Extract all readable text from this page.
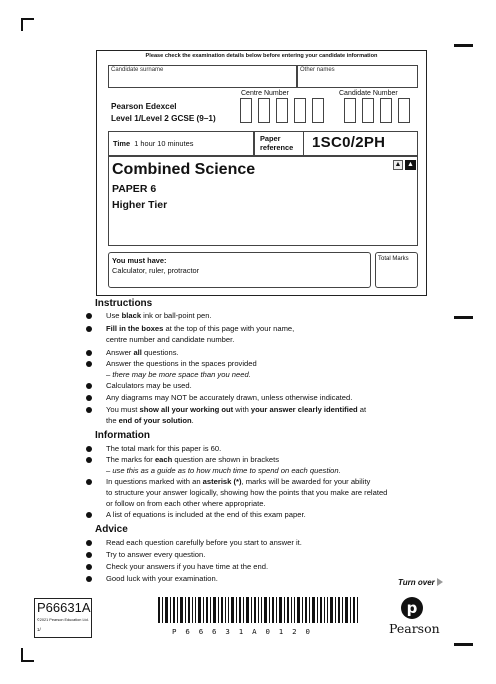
Please check the examination details below before entering your candidate information
Candidate surname	Other names
Pearson Edexcel
Level 1/Level 2 GCSE (9–1)
Centre Number	Candidate Number
Time 1 hour 10 minutes
Paper
reference 1SC0/2PH
Combined Science
PAPER 6
Higher Tier
▲ ▲
You must have:
Calculator, ruler, protractor
Total Marks
Instructions
Use black ink or ball-point pen.
Fill in the boxes at the top of this page with your name,
centre number and candidate number.
Answer all questions.
Answer the questions in the spaces provided
– there may be more space than you need.
Calculators may be used.
Any diagrams may NOT be accurately drawn, unless otherwise indicated.
You must show all your working out with your answer clearly identified at
the end of your solution.
Information
The total mark for this paper is 60.
The marks for each question are shown in brackets
– use this as a guide as to how much time to spend on each question.
In questions marked with an asterisk (*), marks will be awarded for your ability
to structure your answer logically, showing how the points that you make are related
or follow on from each other where appropriate.
A list of equations is included at the end of this exam paper.
Advice
Read each question carefully before you start to answer it.
Try to answer every question.
Check your answers if you have time at the end.
Good luck with your examination.	Turn over
P66631A
©2021 Pearson Education Ltd.
1/	P  6  6  6  3  1  A  0  1  2  0
p
Pearson
